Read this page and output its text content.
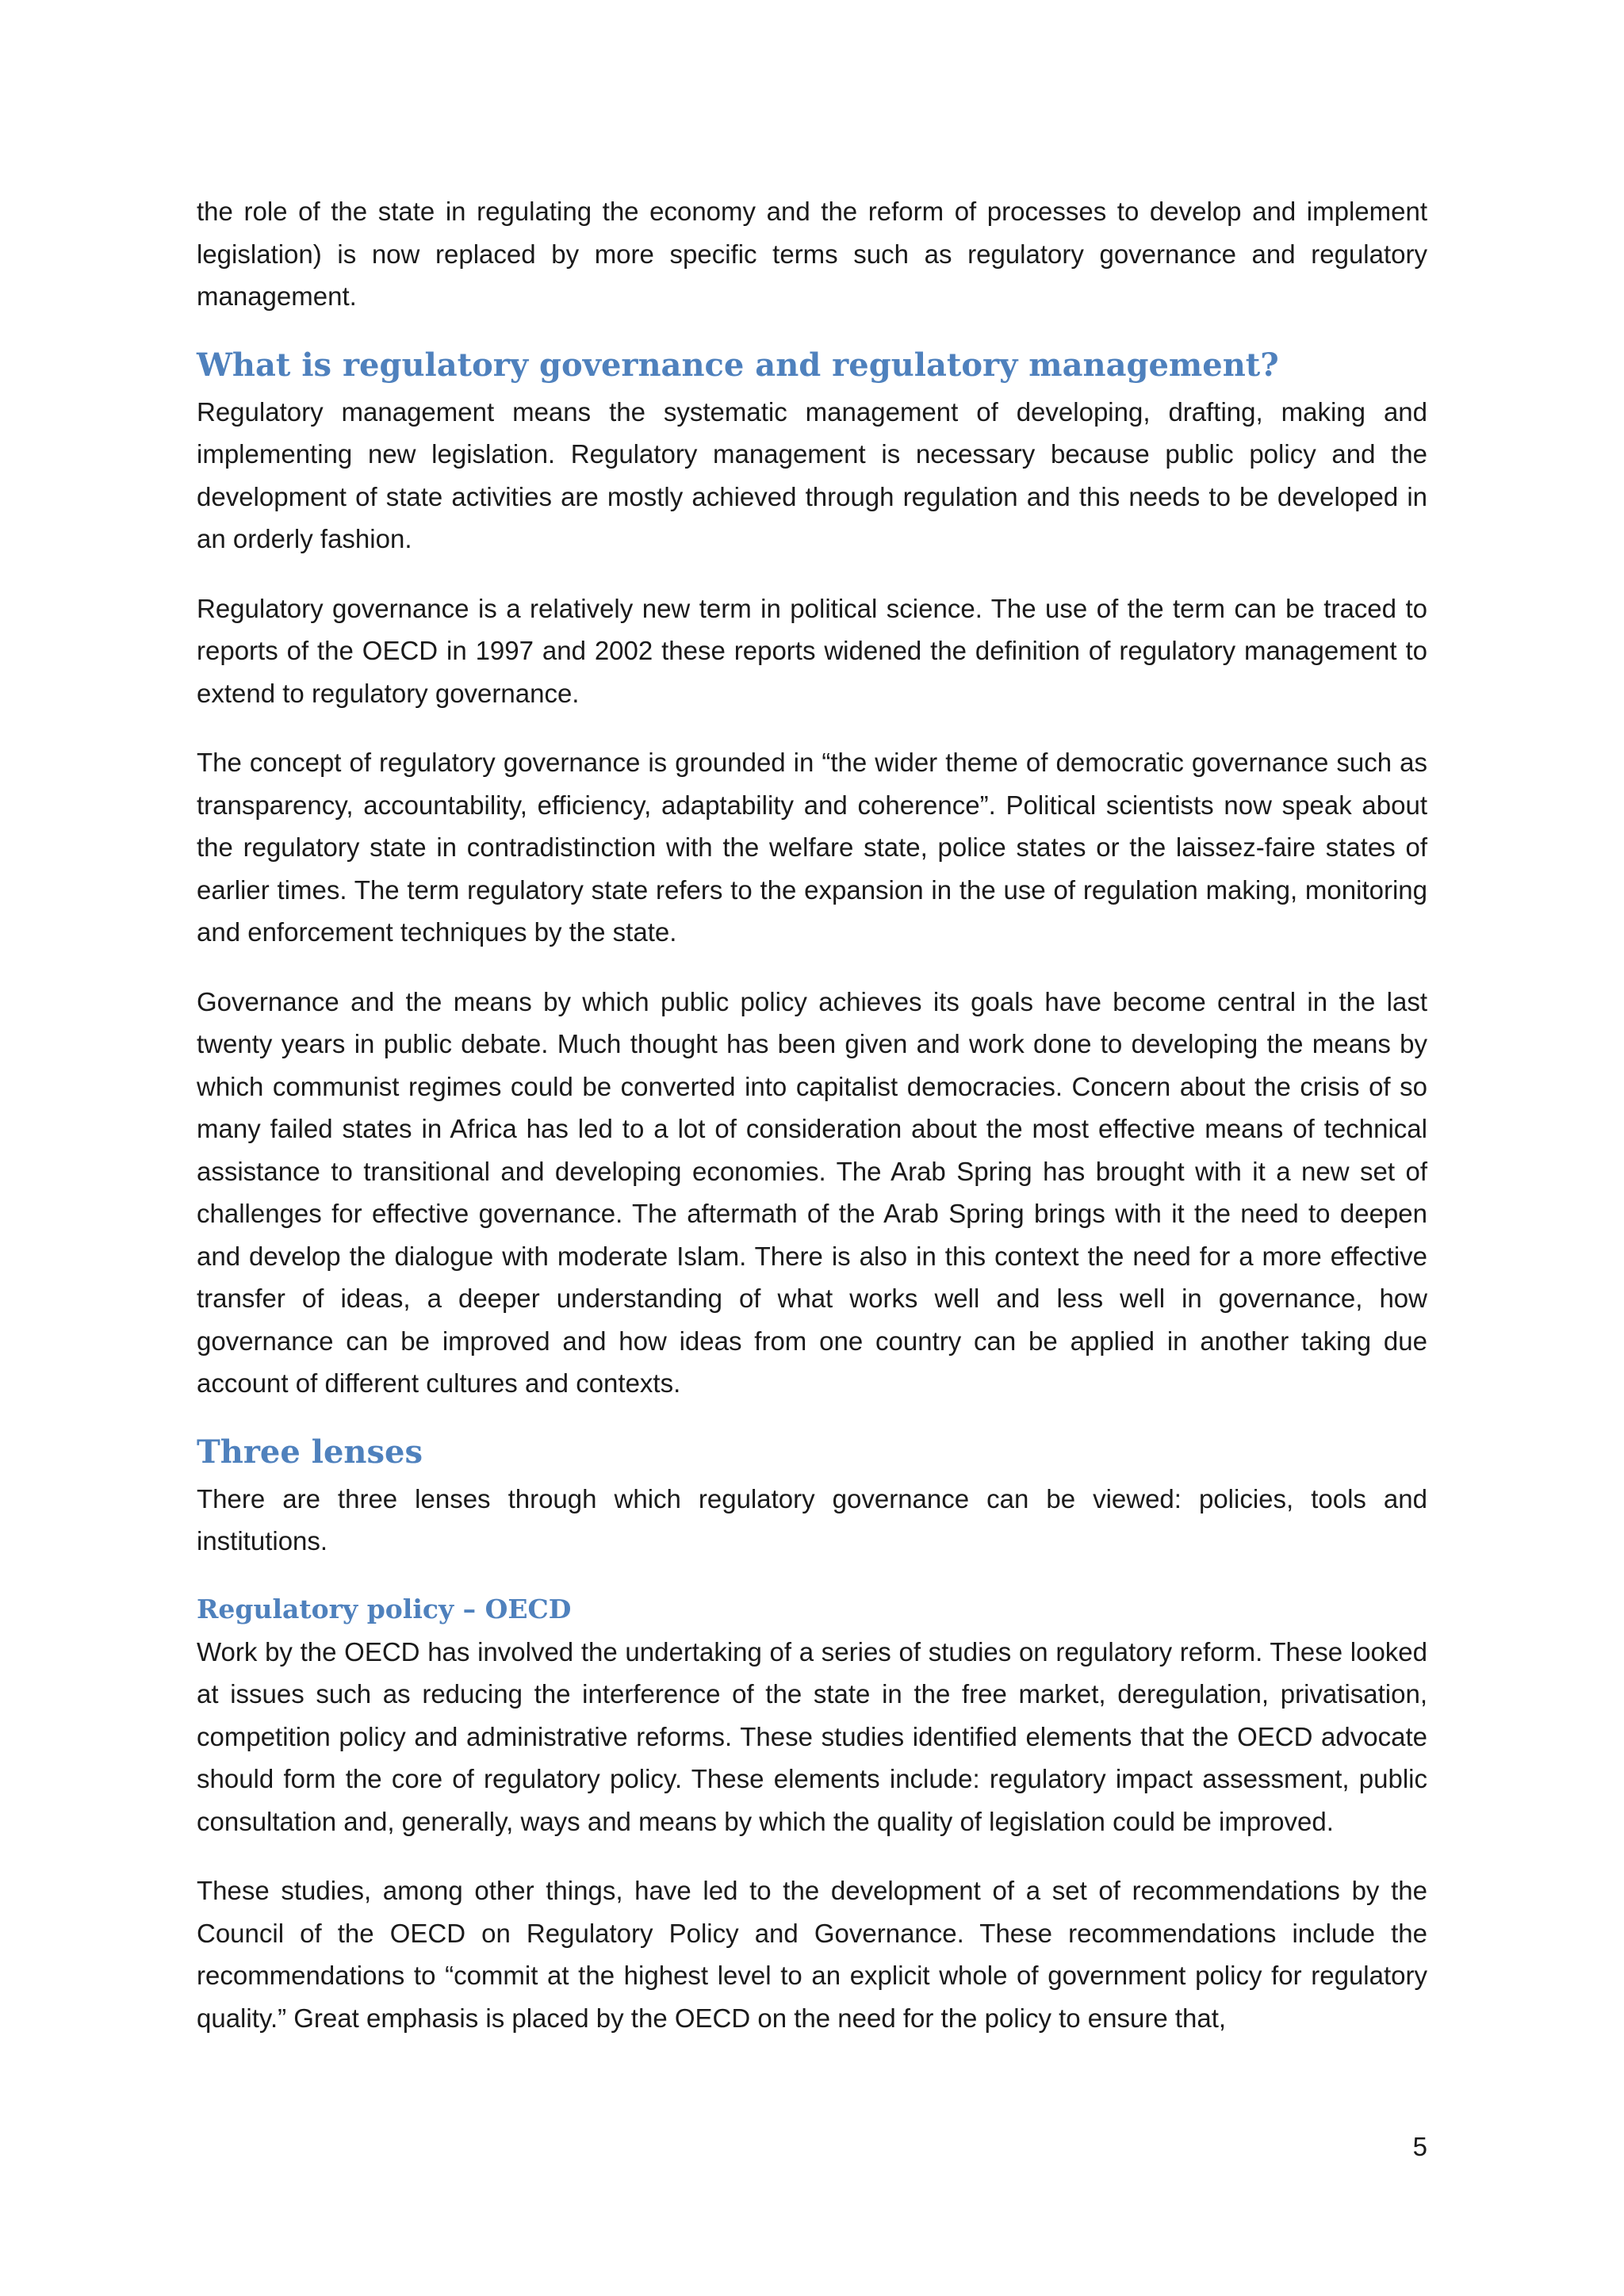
the role of the state in regulating the economy and the reform of processes to develop and implement legislation) is now replaced by more specific terms such as regulatory governance and regulatory management.

What is regulatory governance and regulatory management?

Regulatory management means the systematic management of developing, drafting, making and implementing new legislation. Regulatory management is necessary because public policy and the development of state activities are mostly achieved through regulation and this needs to be developed in an orderly fashion.

Regulatory governance is a relatively new term in political science. The use of the term can be traced to reports of the OECD in 1997 and 2002 these reports widened the definition of regulatory management to extend to regulatory governance.

The concept of regulatory governance is grounded in “the wider theme of democratic governance such as transparency, accountability, efficiency, adaptability and coherence”. Political scientists now speak about the regulatory state in contradistinction with the welfare state, police states or the laissez-faire states of earlier times. The term regulatory state refers to the expansion in the use of regulation making, monitoring and enforcement techniques by the state.

Governance and the means by which public policy achieves its goals have become central in the last twenty years in public debate. Much thought has been given and work done to developing the means by which communist regimes could be converted into capitalist democracies. Concern about the crisis of so many failed states in Africa has led to a lot of consideration about the most effective means of technical assistance to transitional and developing economies. The Arab Spring has brought with it a new set of challenges for effective governance. The aftermath of the Arab Spring brings with it the need to deepen and develop the dialogue with moderate Islam. There is also in this context the need for a more effective transfer of ideas, a deeper understanding of what works well and less well in governance, how governance can be improved and how ideas from one country can be applied in another taking due account of different cultures and contexts.

Three lenses

There are three lenses through which regulatory governance can be viewed: policies, tools and institutions.

Regulatory policy – OECD

Work by the OECD has involved the undertaking of a series of studies on regulatory reform. These looked at issues such as reducing the interference of the state in the free market, deregulation, privatisation, competition policy and administrative reforms. These studies identified elements that the OECD advocate should form the core of regulatory policy. These elements include: regulatory impact assessment, public consultation and, generally, ways and means by which the quality of legislation could be improved.

These studies, among other things, have led to the development of a set of recommendations by the Council of the OECD on Regulatory Policy and Governance. These recommendations include the recommendations to “commit at the highest level to an explicit whole of government policy for regulatory quality.” Great emphasis is placed by the OECD on the need for the policy to ensure that,

5
